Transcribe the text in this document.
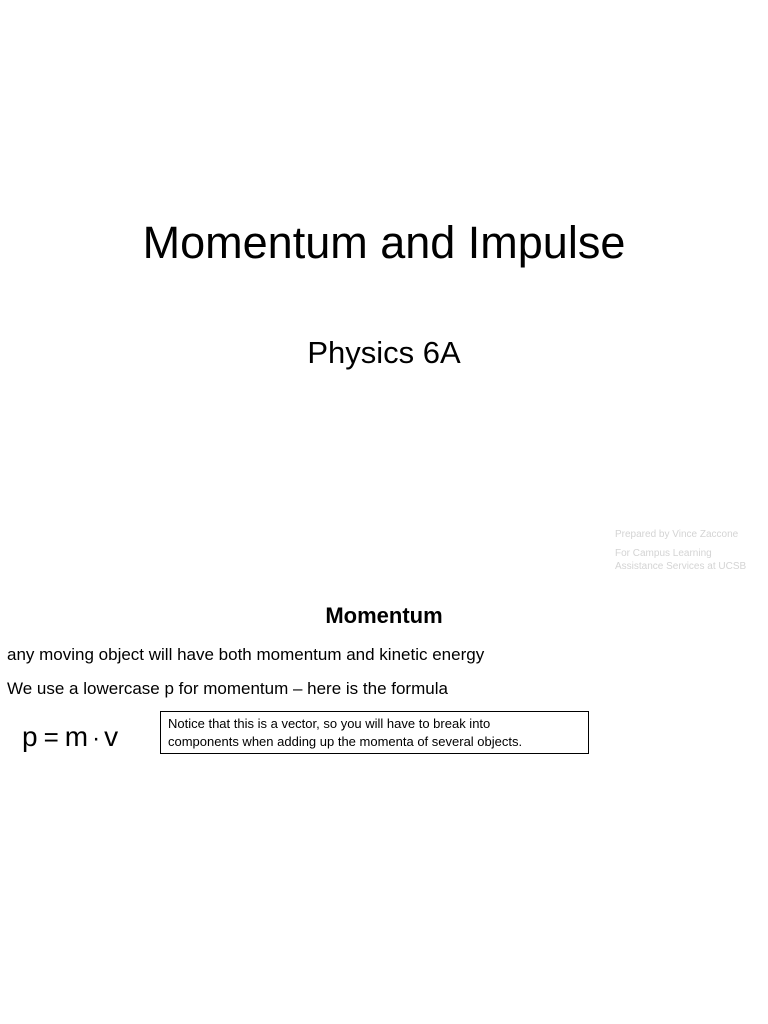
Momentum and Impulse
Physics 6A
Prepared by Vince Zaccone
For Campus Learning
Assistance Services at UCSB
Momentum
any moving object will have both momentum and kinetic energy
We use a lowercase p for momentum – here is the formula
p = m · v	Notice that this is a vector, so you will have to break into
components when adding up the momenta of several objects.
